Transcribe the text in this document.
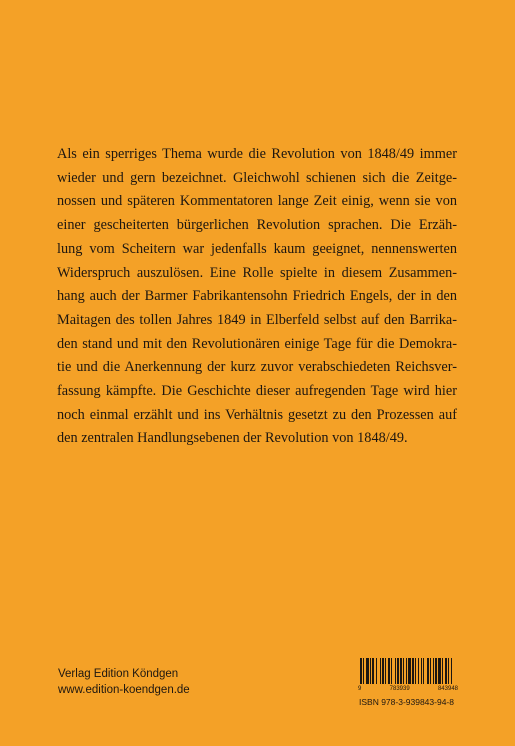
Als ein sperriges Thema wurde die Revolution von 1848/49 immer
wieder und gern bezeichnet. Gleichwohl schienen sich die Zeitge-
nossen und späteren Kommentatoren lange Zeit einig, wenn sie von
einer gescheiterten bürgerlichen Revolution sprachen. Die Erzäh-
lung vom Scheitern war jedenfalls kaum geeignet, nennenswerten
Widerspruch auszulösen. Eine Rolle spielte in diesem Zusammen-
hang auch der Barmer Fabrikantensohn Friedrich Engels, der in den
Maitagen des tollen Jahres 1849 in Elberfeld selbst auf den Barrika-
den stand und mit den Revolutionären einige Tage für die Demokra-
tie und die Anerkennung der kurz zuvor verabschiedeten Reichsver-
fassung kämpfte. Die Geschichte dieser aufregenden Tage wird hier
noch einmal erzählt und ins Verhältnis gesetzt zu den Prozessen auf
den zentralen Handlungsebenen der Revolution von 1848/49.
Verlag Edition Köndgen
www.edition-koendgen.de	9	783939	843948
ISBN 978-3-939843-94-8
